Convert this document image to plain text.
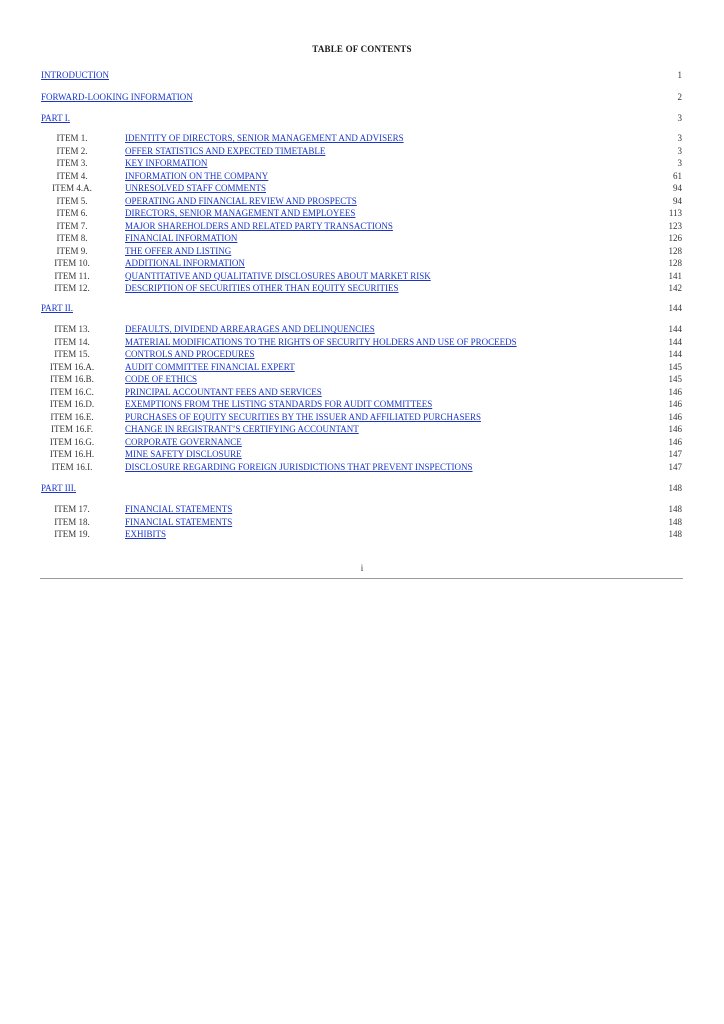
TABLE OF CONTENTS
INTRODUCTION	1
FORWARD-LOOKING INFORMATION	2
PART I.	3
ITEM 1.	IDENTITY OF DIRECTORS, SENIOR MANAGEMENT AND ADVISERS	3
ITEM 2.	OFFER STATISTICS AND EXPECTED TIMETABLE	3
ITEM 3.	KEY INFORMATION	3
ITEM 4.	INFORMATION ON THE COMPANY	61
ITEM 4.A.	UNRESOLVED STAFF COMMENTS	94
ITEM 5.	OPERATING AND FINANCIAL REVIEW AND PROSPECTS	94
ITEM 6.	DIRECTORS, SENIOR MANAGEMENT AND EMPLOYEES	113
ITEM 7.	MAJOR SHAREHOLDERS AND RELATED PARTY TRANSACTIONS	123
ITEM 8.	FINANCIAL INFORMATION	126
ITEM 9.	THE OFFER AND LISTING	128
ITEM 10.	ADDITIONAL INFORMATION	128
ITEM 11.	QUANTITATIVE AND QUALITATIVE DISCLOSURES ABOUT MARKET RISK	141
ITEM 12.	DESCRIPTION OF SECURITIES OTHER THAN EQUITY SECURITIES	142
PART II.	144
ITEM 13.	DEFAULTS, DIVIDEND ARREARAGES AND DELINQUENCIES	144
ITEM 14.	MATERIAL MODIFICATIONS TO THE RIGHTS OF SECURITY HOLDERS AND USE OF PROCEEDS	144
ITEM 15.	CONTROLS AND PROCEDURES	144
ITEM 16.A.	AUDIT COMMITTEE FINANCIAL EXPERT	145
ITEM 16.B.	CODE OF ETHICS	145
ITEM 16.C.	PRINCIPAL ACCOUNTANT FEES AND SERVICES	146
ITEM 16.D.	EXEMPTIONS FROM THE LISTING STANDARDS FOR AUDIT COMMITTEES	146
ITEM 16.E.	PURCHASES OF EQUITY SECURITIES BY THE ISSUER AND AFFILIATED PURCHASERS	146
ITEM 16.F.	CHANGE IN REGISTRANT’S CERTIFYING ACCOUNTANT	146
ITEM 16.G.	CORPORATE GOVERNANCE	146
ITEM 16.H.	MINE SAFETY DISCLOSURE	147
ITEM 16.I.	DISCLOSURE REGARDING FOREIGN JURISDICTIONS THAT PREVENT INSPECTIONS	147
PART III.	148
ITEM 17.	FINANCIAL STATEMENTS	148
ITEM 18.	FINANCIAL STATEMENTS	148
ITEM 19.	EXHIBITS	148
i
